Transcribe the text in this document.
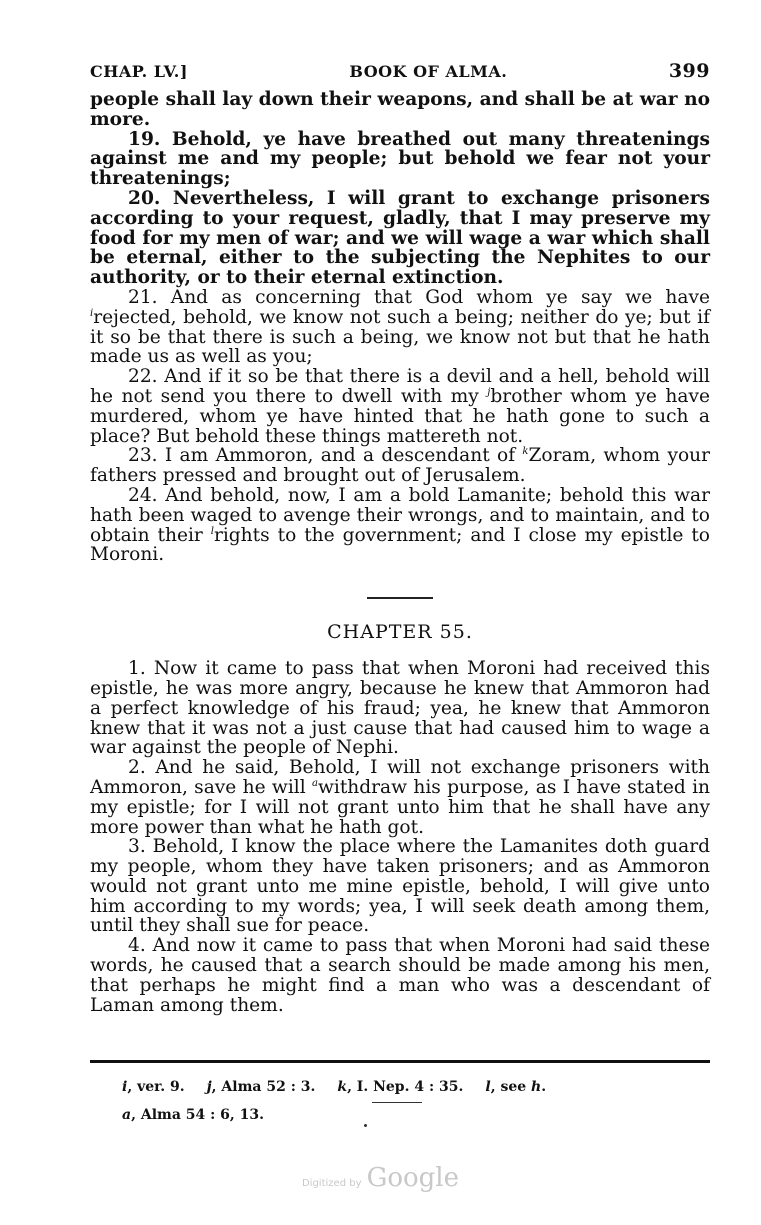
CHAP. LV.]	BOOK OF ALMA.	399

people shall lay down their weapons, and shall be at war no more.

19. Behold, ye have breathed out many threatenings against me and my people; but behold we fear not your threatenings;

20. Nevertheless, I will grant to exchange prisoners according to your request, gladly, that I may preserve my food for my men of war; and we will wage a war which shall be eternal, either to the subjecting the Nephites to our authority, or to their eternal extinction.

21. And as concerning that God whom ye say we have $^i$rejected, behold, we know not such a being; neither do ye; but if it so be that there is such a being, we know not but that he hath made us as well as you;

22. And if it so be that there is a devil and a hell, behold will he not send you there to dwell with my $^j$brother whom ye have murdered, whom ye have hinted that he hath gone to such a place? But behold these things mattereth not.

23. I am Ammoron, and a descendant of $^k$Zoram, whom your fathers pressed and brought out of Jerusalem.

24. And behold, now, I am a bold Lamanite; behold this war hath been waged to avenge their wrongs, and to maintain, and to obtain their $^l$rights to the government; and I close my epistle to Moroni.

CHAPTER 55.

1. Now it came to pass that when Moroni had received this epistle, he was more angry, because he knew that Ammoron had a perfect knowledge of his fraud; yea, he knew that Ammoron knew that it was not a just cause that had caused him to wage a war against the people of Nephi.

2. And he said, Behold, I will not exchange prisoners with Ammoron, save he will $^a$withdraw his purpose, as I have stated in my epistle; for I will not grant unto him that he shall have any more power than what he hath got.

3. Behold, I know the place where the Lamanites doth guard my people, whom they have taken prisoners; and as Ammoron would not grant unto me mine epistle, behold, I will give unto him according to my words; yea, I will seek death among them, until they shall sue for peace.

4. And now it came to pass that when Moroni had said these words, he caused that a search should be made among his men, that perhaps he might find a man who was a descendant of Laman among them.

i, ver. 9. j, Alma 52 : 3. k, I. Nep. 4 : 35. l, see h.
a, Alma 54 : 6, 13.
Digitized by Google
